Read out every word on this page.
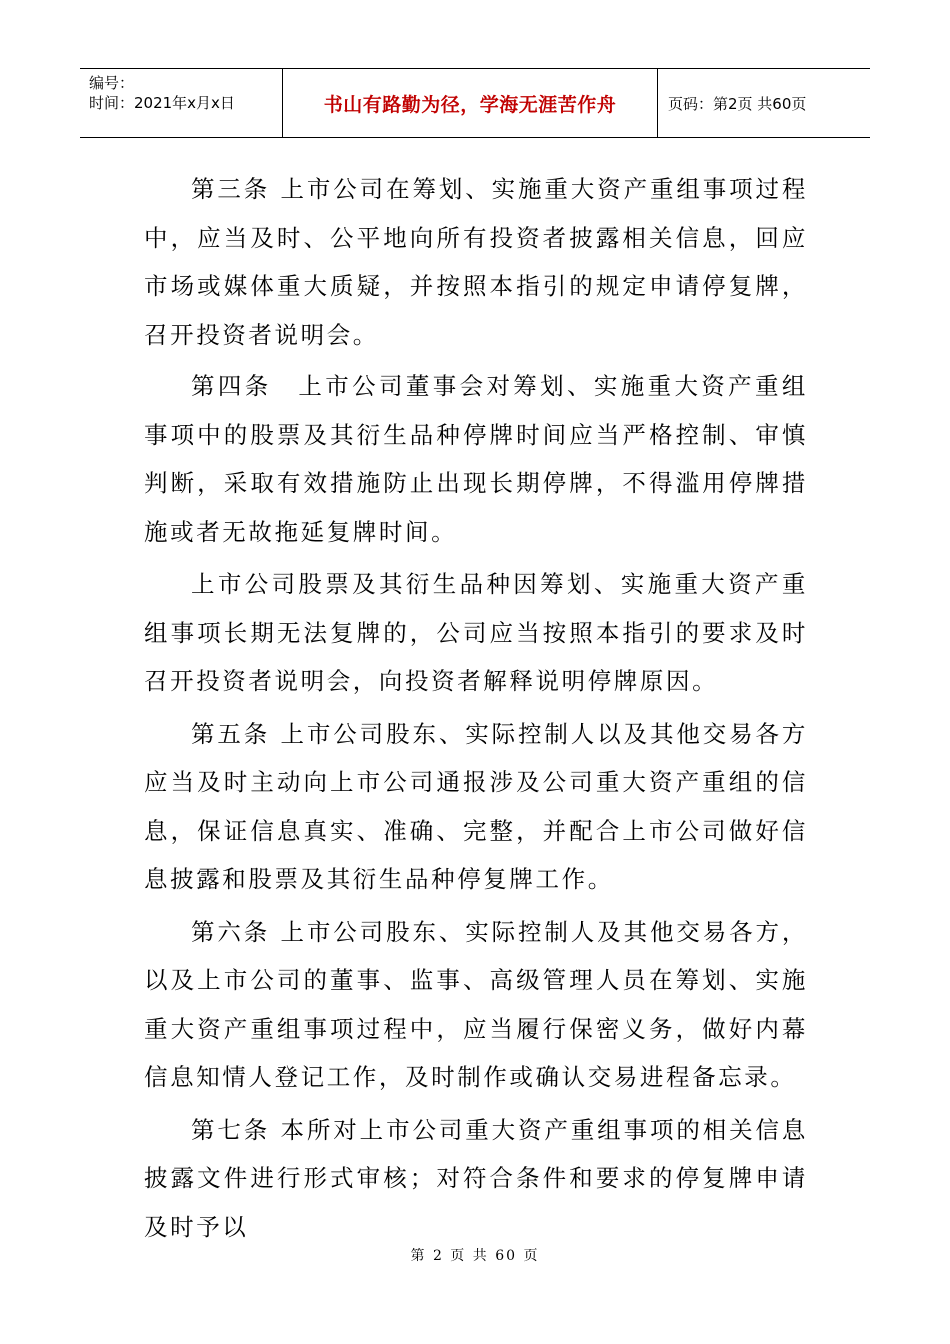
编号：
时间：2021年x月x日	书山有路勤为径，学海无涯苦作舟	页码：第2页 共60页

第三条 上市公司在筹划、实施重大资产重组事项过程中，应当及时、公平地向所有投资者披露相关信息，回应市场或媒体重大质疑，并按照本指引的规定申请停复牌，召开投资者说明会。

第四条　上市公司董事会对筹划、实施重大资产重组事项中的股票及其衍生品种停牌时间应当严格控制、审慎判断，采取有效措施防止出现长期停牌，不得滥用停牌措施或者无故拖延复牌时间。

上市公司股票及其衍生品种因筹划、实施重大资产重组事项长期无法复牌的，公司应当按照本指引的要求及时召开投资者说明会，向投资者解释说明停牌原因。

第五条 上市公司股东、实际控制人以及其他交易各方应当及时主动向上市公司通报涉及公司重大资产重组的信息，保证信息真实、准确、完整，并配合上市公司做好信息披露和股票及其衍生品种停复牌工作。

第六条 上市公司股东、实际控制人及其他交易各方，以及上市公司的董事、监事、高级管理人员在筹划、实施重大资产重组事项过程中，应当履行保密义务，做好内幕信息知情人登记工作，及时制作或确认交易进程备忘录。

第七条 本所对上市公司重大资产重组事项的相关信息披露文件进行形式审核；对符合条件和要求的停复牌申请及时予以

第 2 页 共 60 页
